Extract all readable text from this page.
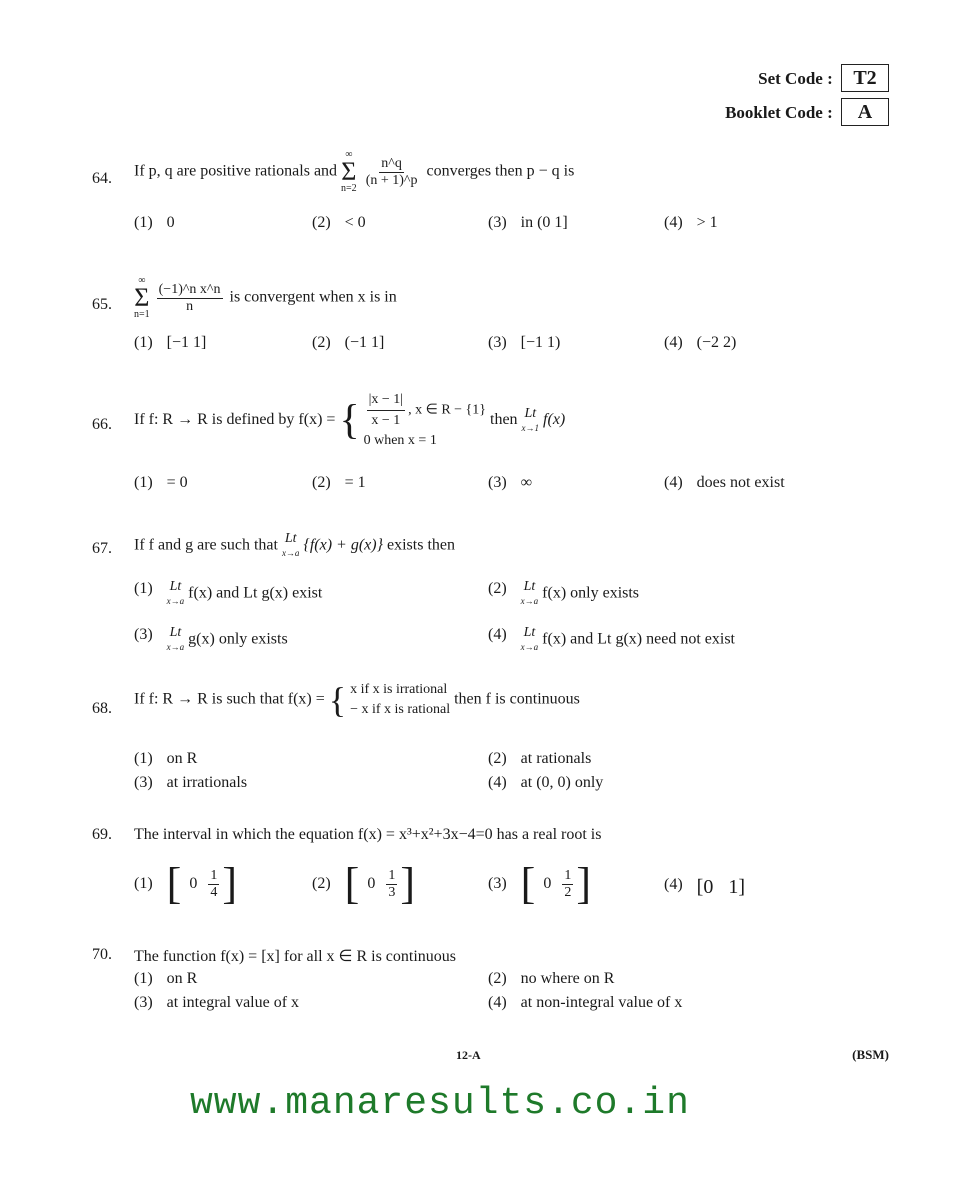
Set Code : T2
Booklet Code : A
64. If p, q are positive rationals and
∞
Σ
n=2
$\frac{n\^{}q}{(n + 1)\^{}p}$ converges then p − q is
(1) 0	(2) < 0	(3) in (0 1]	(4) > 1
65.
∞
Σ
n=1
$\frac{\text{(−1)\textasciicircum{}n x\textasciicircum{}n}}{n}$ is convergent when x is in
(1) [−1 1]	(2) (−1 1]	(3) [−1 1)	(4) (−2 2)
66. If f: R → R is defined by f(x) = { $\frac{|x - 1|}{x - 1}$ , x ∈ R − {1}
0 when x = 1
then Lt
x→1 f(x)
(1) = 0	(2) = 1	(3) ∞	(4) does not exist
67. If f and g are such that Lt
x→a {f(x) + g(x)} exists then
(1) Lt
x→a f(x) and Lt g(x) exist	(2) Lt
x→a f(x) only exists
(3) Lt
x→a g(x) only exists	(4) Lt
x→a f(x) and Lt g(x) need not exist
68.
If f: R → R is such that f(x) = { x if x is irrational
− x if x is rational
then f is continuous
(1) on R	(2) at rationals
(3) at irrationals	(4) at (0, 0) only
69. The interval in which the equation f(x) = x³+x²+3x−4=0 has a real root is
(1) [ $0 \frac{1}{4}$ ]	(2) [ $0 \frac{1}{3}$ ]	(3) [ $0 \frac{1}{2}$ ]	(4) [0   1]
70. The function f(x) = [x] for all x ∈ R is continuous
(1) on R	(2) no where on R
(3) at integral value of x	(4) at non-integral value of x
12-A	(BSM)
www.manaresults.co.in
